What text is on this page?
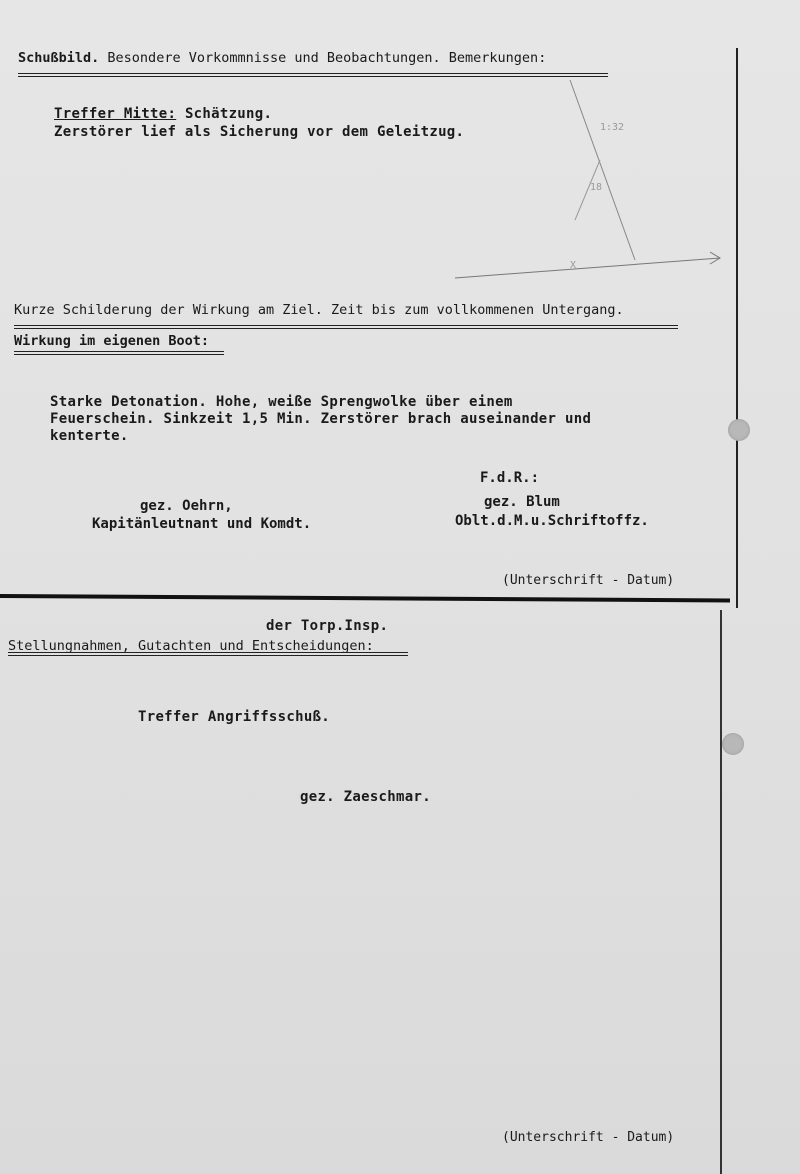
Schußbild. Besondere Vorkommnisse und Beobachtungen. Bemerkungen:
Treffer Mitte: Schätzung.
Zerstörer lief als Sicherung vor dem Geleitzug.	1:32
18
X
Kurze Schilderung der Wirkung am Ziel. Zeit bis zum vollkommenen Untergang.
Wirkung im eigenen Boot:
Starke Detonation. Hohe, weiße Sprengwolke über einem
Feuerschein. Sinkzeit 1,5 Min. Zerstörer brach auseinander und
kenterte.
F.d.R.:
gez. Oehrn,	gez. Blum
Kapitänleutnant und Komdt.	Oblt.d.M.u.Schriftoffz.
(Unterschrift - Datum)
der Torp.Insp.
Stellungnahmen, Gutachten und Entscheidungen:
Treffer Angriffsschuß.
gez. Zaeschmar.
(Unterschrift - Datum)
